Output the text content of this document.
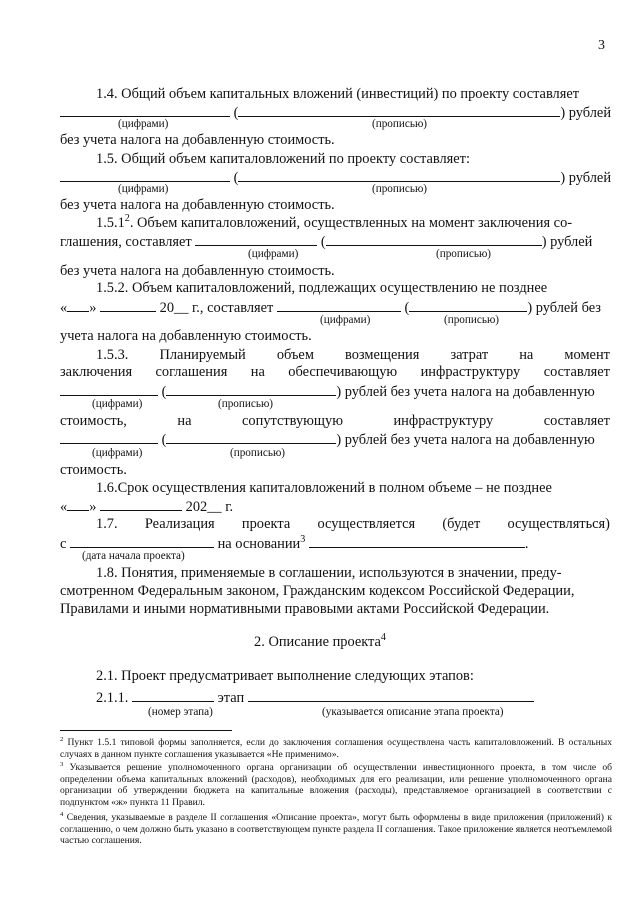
3
1.4. Общий объем капитальных вложений (инвестиций) по проекту составляет
(	) рублей
(цифрами)	(прописью)
без учета налога на добавленную стоимость.
1.5. Общий объем капиталовложений по проекту составляет:
(	) рублей
(цифрами)	(прописью)
без учета налога на добавленную стоимость.
1.5.1$^2$. Объем капиталовложений, осуществленных на момент заключения со-
глашения, составляет	(	) рублей
(цифрами)	(прописью)
без учета налога на добавленную стоимость.
1.5.2. Объем капиталовложений, подлежащих осуществлению не позднее
« »	20__ г., составляет	(	) рублей без
(цифрами)	(прописью)
учета налога на добавленную стоимость.
1.5.3. Планируемый объем возмещения затрат на момент
заключения соглашения на обеспечивающую инфраструктуру составляет
(	) рублей без учета налога на добавленную
(цифрами)	(прописью)
стоимость,	на	сопутствующую	инфраструктуру	составляет
(	) рублей без учета налога на добавленную
(цифрами)	(прописью)
стоимость.
1.6.Срок осуществления капиталовложений в полном объеме – не позднее
« »	202__ г.
1.7. Реализация проекта осуществляется (будет осуществляться)
с	на основании$^3$	.
(дата начала проекта)
1.8. Понятия, применяемые в соглашении, используются в значении, преду-
смотренном Федеральным законом, Гражданским кодексом Российской Федерации,
Правилами и иными нормативными правовыми актами Российской Федерации.
2. Описание проекта$^4$
2.1. Проект предусматривает выполнение следующих этапов:
2.1.1.	этап
(номер этапа)	(указывается описание этапа проекта)
$^2$ Пункт 1.5.1 типовой формы заполняется, если до заключения соглашения осуществлена часть капиталовложений. В остальных случаях в данном пункте соглашения указывается «Не применимо».
$^3$ Указывается решение уполномоченного органа организации об осуществлении инвестиционного проекта, в том числе об определении объема капитальных вложений (расходов), необходимых для его реализации, или решение уполномоченного органа организации об утверждении бюджета на капитальные вложения (расходы), представляемое организацией в соответствии с подпунктом «ж» пункта 11 Правил.
$^4$ Сведения, указываемые в разделе II соглашения «Описание проекта», могут быть оформлены в виде приложения (приложений) к соглашению, о чем должно быть указано в соответствующем пункте раздела II соглашения. Такое приложение является неотъемлемой частью соглашения.
